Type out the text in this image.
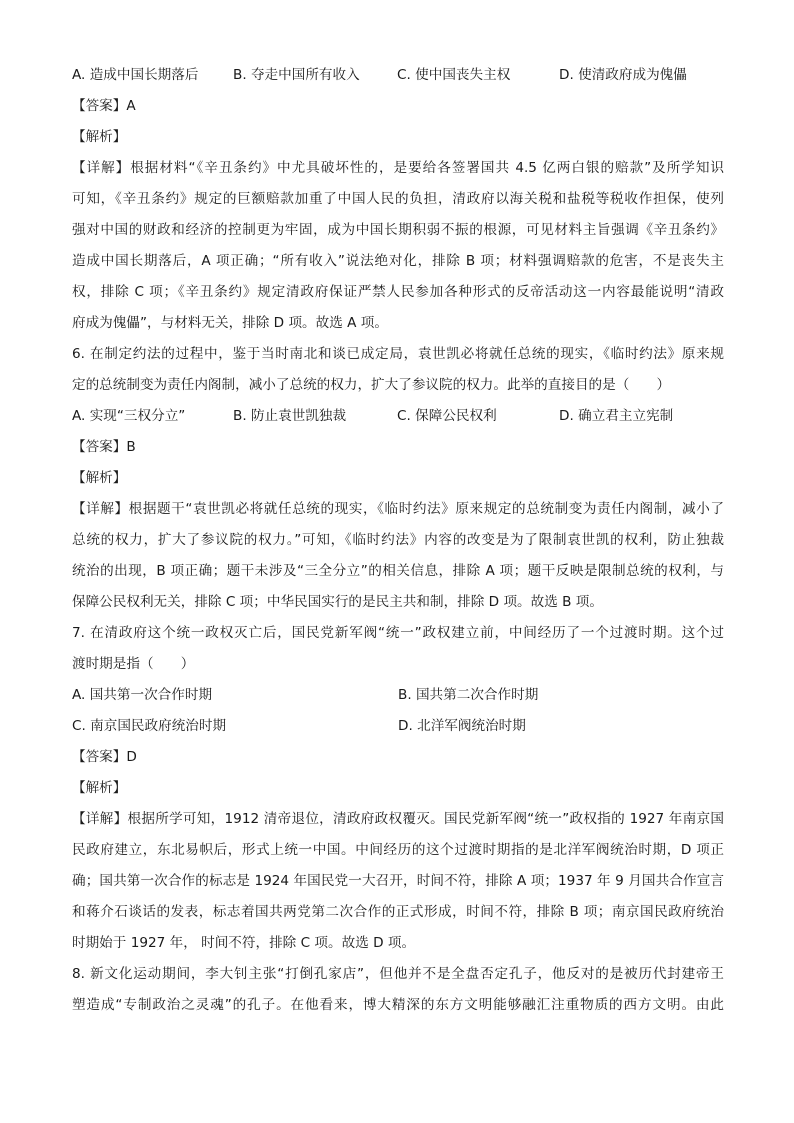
A. 造成中国长期落后	B. 夺走中国所有收入	C. 使中国丧失主权	D. 使清政府成为傀儡
【答案】A
【解析】
【详解】根据材料“《辛丑条约》中尤具破坏性的，是要给各签署国共 4.5 亿两白银的赔款”及所学知识
可知，《辛丑条约》规定的巨额赔款加重了中国人民的负担，清政府以海关税和盐税等税收作担保，使列
强对中国的财政和经济的控制更为牢固，成为中国长期积弱不振的根源，可见材料主旨强调《辛丑条约》
造成中国长期落后，A 项正确；“所有收入”说法绝对化，排除 B 项；材料强调赔款的危害，不是丧失主
权，排除 C 项；《辛丑条约》规定清政府保证严禁人民参加各种形式的反帝活动这一内容最能说明“清政
府成为傀儡”，与材料无关，排除 D 项。故选 A 项。
6. 在制定约法的过程中，鉴于当时南北和谈已成定局，袁世凯必将就任总统的现实，《临时约法》原来规
定的总统制变为责任内阁制，减小了总统的权力，扩大了参议院的权力。此举的直接目的是（　　）
A. 实现“三权分立”	B. 防止袁世凯独裁	C. 保障公民权利	D. 确立君主立宪制
【答案】B
【解析】
【详解】根据题干“袁世凯必将就任总统的现实，《临时约法》原来规定的总统制变为责任内阁制，减小了
总统的权力，扩大了参议院的权力。”可知，《临时约法》内容的改变是为了限制袁世凯的权利，防止独裁
统治的出现，B 项正确；题干未涉及“三全分立”的相关信息，排除 A 项；题干反映是限制总统的权利，与
保障公民权利无关，排除 C 项；中华民国实行的是民主共和制，排除 D 项。故选 B 项。
7. 在清政府这个统一政权灭亡后，国民党新军阀“统一”政权建立前，中间经历了一个过渡时期。这个过
渡时期是指（　　）
A. 国共第一次合作时期	B. 国共第二次合作时期
C. 南京国民政府统治时期	D. 北洋军阀统治时期
【答案】D
【解析】
【详解】根据所学可知，1912 清帝退位，清政府政权覆灭。国民党新军阀“统一”政权指的 1927 年南京国
民政府建立，东北易帜后，形式上统一中国。中间经历的这个过渡时期指的是北洋军阀统治时期，D 项正
确；国共第一次合作的标志是 1924 年国民党一大召开，时间不符，排除 A 项；1937 年 9 月国共合作宣言
和蒋介石谈话的发表，标志着国共两党第二次合作的正式形成，时间不符，排除 B 项；南京国民政府统治
时期始于 1927 年， 时间不符，排除 C 项。故选 D 项。
8. 新文化运动期间，李大钊主张“打倒孔家店”，但他并不是全盘否定孔子，他反对的是被历代封建帝王
塑造成“专制政治之灵魂”的孔子。在他看来，博大精深的东方文明能够融汇注重物质的西方文明。由此
